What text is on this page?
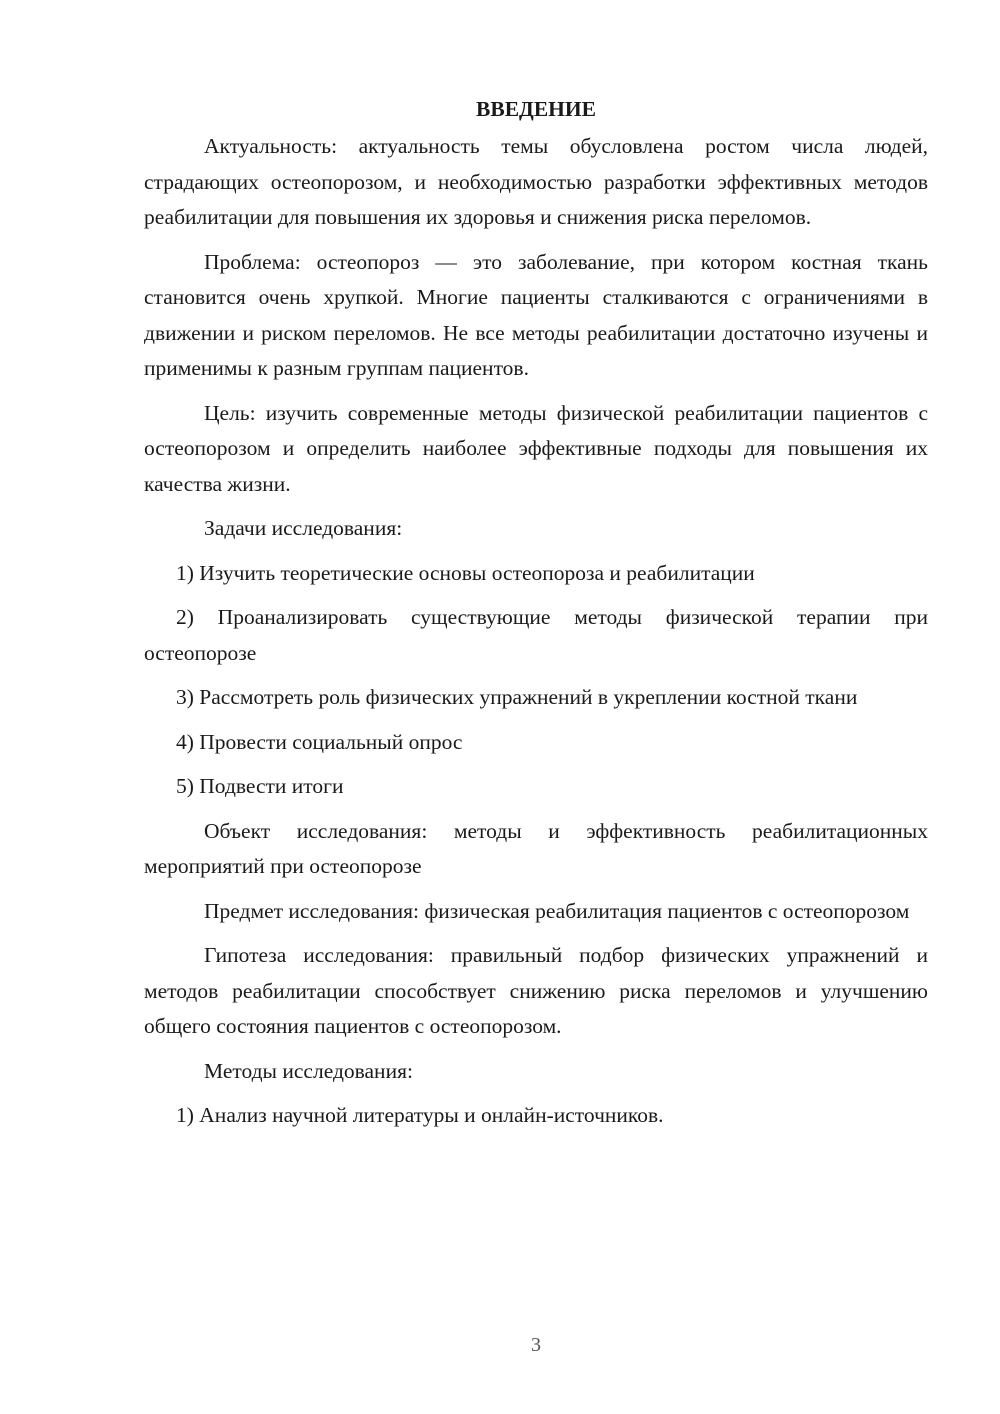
ВВЕДЕНИЕ

Актуальность: актуальность темы обусловлена ростом числа людей, страдающих остеопорозом, и необходимостью разработки эффективных методов реабилитации для повышения их здоровья и снижения риска переломов.

Проблема: остеопороз — это заболевание, при котором костная ткань становится очень хрупкой. Многие пациенты сталкиваются с ограничениями в движении и риском переломов. Не все методы реабилитации достаточно изучены и применимы к разным группам пациентов.

Цель: изучить современные методы физической реабилитации пациентов с остеопорозом и определить наиболее эффективные подходы для повышения их качества жизни.

Задачи исследования:

1) Изучить теоретические основы остеопороза и реабилитации

2) Проанализировать существующие методы физической терапии при остеопорозе

3) Рассмотреть роль физических упражнений в укреплении костной ткани

4) Провести социальный опрос

5) Подвести итоги

Объект исследования: методы и эффективность реабилитационных мероприятий при остеопорозе

Предмет исследования: физическая реабилитация пациентов с остеопорозом

Гипотеза исследования: правильный подбор физических упражнений и методов реабилитации способствует снижению риска переломов и улучшению общего состояния пациентов с остеопорозом.

Методы исследования:

1) Анализ научной литературы и онлайн-источников.

3
